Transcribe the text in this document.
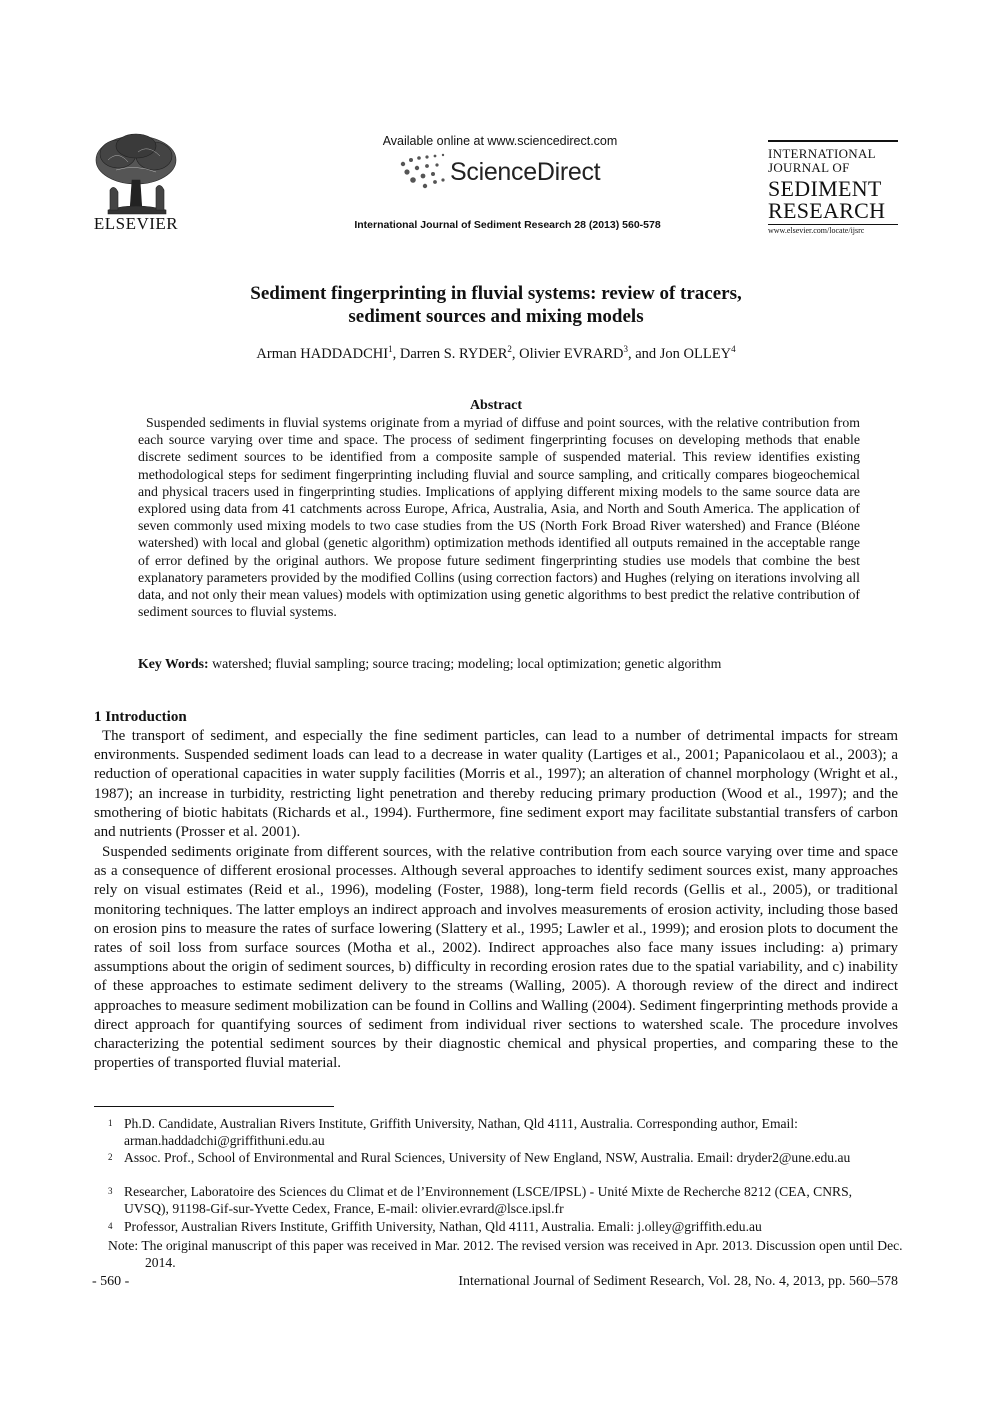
ELSEVIER
Available online at www.sciencedirect.com
ScienceDirect
International Journal of Sediment Research 28 (2013) 560-578
INTERNATIONAL
JOURNAL OF
SEDIMENT
RESEARCH
www.elsevier.com/locate/ijsrc
Sediment fingerprinting in fluvial systems: review of tracers,
sediment sources and mixing models
Arman HADDADCHI$^1$, Darren S. RYDER$^2$, Olivier EVRARD$^3$, and Jon OLLEY$^4$
Abstract
Suspended sediments in fluvial systems originate from a myriad of diffuse and point sources, with the relative contribution from each source varying over time and space. The process of sediment fingerprinting focuses on developing methods that enable discrete sediment sources to be identified from a composite sample of suspended material. This review identifies existing methodological steps for sediment fingerprinting including fluvial and source sampling, and critically compares biogeochemical and physical tracers used in fingerprinting studies. Implications of applying different mixing models to the same source data are explored using data from 41 catchments across Europe, Africa, Australia, Asia, and North and South America. The application of seven commonly used mixing models to two case studies from the US (North Fork Broad River watershed) and France (Bléone watershed) with local and global (genetic algorithm) optimization methods identified all outputs remained in the acceptable range of error defined by the original authors. We propose future sediment fingerprinting studies use models that combine the best explanatory parameters provided by the modified Collins (using correction factors) and Hughes (relying on iterations involving all data, and not only their mean values) models with optimization using genetic algorithms to best predict the relative contribution of sediment sources to fluvial systems.
Key Words: watershed; fluvial sampling; source tracing; modeling; local optimization; genetic algorithm
1 Introduction
The transport of sediment, and especially the fine sediment particles, can lead to a number of detrimental impacts for stream environments. Suspended sediment loads can lead to a decrease in water quality (Lartiges et al., 2001; Papanicolaou et al., 2003); a reduction of operational capacities in water supply facilities (Morris et al., 1997); an alteration of channel morphology (Wright et al., 1987); an increase in turbidity, restricting light penetration and thereby reducing primary production (Wood et al., 1997); and the smothering of biotic habitats (Richards et al., 1994). Furthermore, fine sediment export may facilitate substantial transfers of carbon and nutrients (Prosser et al. 2001).
Suspended sediments originate from different sources, with the relative contribution from each source varying over time and space as a consequence of different erosional processes. Although several approaches to identify sediment sources exist, many approaches rely on visual estimates (Reid et al., 1996), modeling (Foster, 1988), long-term field records (Gellis et al., 2005), or traditional monitoring techniques. The latter employs an indirect approach and involves measurements of erosion activity, including those based on erosion pins to measure the rates of surface lowering (Slattery et al., 1995; Lawler et al., 1999); and erosion plots to document the rates of soil loss from surface sources (Motha et al., 2002). Indirect approaches also face many issues including: a) primary assumptions about the origin of sediment sources, b) difficulty in recording erosion rates due to the spatial variability, and c) inability of these approaches to estimate sediment delivery to the streams (Walling, 2005). A thorough review of the direct and indirect approaches to measure sediment mobilization can be found in Collins and Walling (2004). Sediment fingerprinting methods provide a direct approach for quantifying sources of sediment from individual river sections to watershed scale. The procedure involves characterizing the potential sediment sources by their diagnostic chemical and physical properties, and comparing these to the properties of transported fluvial material.
1 Ph.D. Candidate, Australian Rivers Institute, Griffith University, Nathan, Qld 4111, Australia. Corresponding author, Email: arman.haddadchi@griffithuni.edu.au
2 Assoc. Prof., School of Environmental and Rural Sciences, University of New England, NSW, Australia. Email: dryder2@une.edu.au
3 Researcher, Laboratoire des Sciences du Climat et de l’Environnement (LSCE/IPSL) - Unité Mixte de Recherche 8212 (CEA, CNRS, UVSQ), 91198-Gif-sur-Yvette Cedex, France, E-mail: olivier.evrard@lsce.ipsl.fr
4 Professor, Australian Rivers Institute, Griffith University, Nathan, Qld 4111, Australia. Emali: j.olley@griffith.edu.au
Note: The original manuscript of this paper was received in Mar. 2012. The revised version was received in Apr. 2013. Discussion open until Dec. 2014.
- 560 -	International Journal of Sediment Research, Vol. 28, No. 4, 2013, pp. 560–578
